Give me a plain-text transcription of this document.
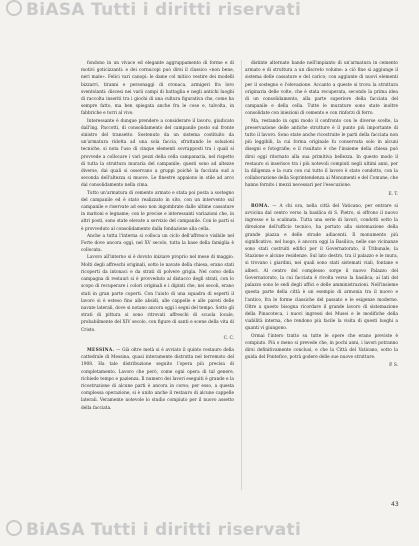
BiASA Tutti i diritti riservati

fondono in un vivace ed elegante aggruppamento di forme e di motivi goticizzanti: e dei cornucopi può dirsi il classico «non bene, neri male». Felici vari canopi: le dame col mitico vestire dei modelli bizzarri, tiranni e personaggi di cronaca, armigeri fra loro sventolanti: discesi nei varii campi di battaglia e negli antichi luoghi di raccolta inseriti tra i giochi di una cultura figurativa che, come ha sempre fatto, ma ben spiegata anche fra le cose e, talvolta, in fabbriche e torri al vivo.

Interessante è dunque prendere a considerare il lavoro, giudicato dall'ing. Paccotti, di consolidamento del campanile posto sul fronte sinistro del transetto. Sostenuto da un sistema costituito da un'armatura ridotta ad una sola faccia, sfruttando le soluzioni tecniche, si nota l'uso di cinque elementi sovrapposti tra i quali si provvede a collocare i vari pezzi della cella campanaria, nel rispetto di tutta la struttura muraria del campanile; questi sono ad altezze diverse, dai quali si osservano a gruppi poiché la facciata sud a seconda dell'altezza si muove. Le finestre appaiono in stile ad arco dal consolidamento nella cima.

Tutto un'armatura di cemento armato e stata poi posta a sostegno del campanile ed è stato realizzato in sito, con un intervento sul campanile e riservate ad esso non ingombrate dalle ultime cassature in mattoni e legname; con le precise e interessanti variazioni che, in altri posti, sono state elevate a servizio del campanile. Con le parti si è provveduto al consolidamento dalla fondazione alla cella.

Anche a tutta l'interna si colloca un ciclo dell'affresco visibile nel Forte dove ancora oggi, nel XV secolo, tutta la base della famiglia è collocata.

Lavoro all'interno si è dovuto iniziare proprio nel mese di maggio. Molti degli affreschi originali, sotto le navate della chiesa, erano stati ricoperti da intonaci e da strati di polvere grigia. Nel corso della campagna di restauri si è provveduto al distacco degli strati, con lo scopo di recuperare i colori originali e i dipinti che, nei secoli, erano stati in gran parte coperti. Con l'aiuto di una squadra di esperti il lavoro si è esteso fino alle absidi, alle cappelle e alle pareti delle navate laterali, dove si notano ancora oggi i segni del tempo. Sotto gli strati di pittura si sono ritrovati affreschi di scuola locale, probabilmente del XIV secolo, con figure di santi e scene della vita di Cristo.

C. C.

MESSINA. — Già oltre metà si è avviato il quinto restauro della cattedrale di Messina, quasi interamente distrutta nel terremoto del 1908. Ha tale distribuzione seguito l'opera più precisa di completamento. Lavoro che però, come ogni opera di tal genere, richiede tempo e pazienza. Il numero dei lavori eseguiti è grande e la ricostruzione di alcune parti è ancora in corso; per esso, a questa complessa operazione, si è unito anche il restauro di alcune cappelle laterali. Veramente notevole lo studio compiuto per il nuovo assetto della facciata.

distinte alternate bande nell'impianto di un'armatura in cemento armato e di struttura a un discreto volume: a ciò fine si aggiunge il sistema delle cassature e del carico; con aggiunte di nuovi elementi per il sostegno e l'elevazione. Accanto a queste si trova la struttura originaria delle volte, che è stata recuperata, secondo la prima idea di un consolidamento, alla parte superiore della facciata del campanile e della cella. Tutte le murature sono state inoltre consolidate con iniezioni di cemento e con rinforzi di ferro.

Ma, restando in ogni modo il confronto con le diverse scelte, la preservazione delle antiche strutture è il punto più importante di tutto il lavoro. Sono state anche ricostruite le parti della facciata non più leggibili, la cui forma originale fu conservata solo in alcuni disegni e fotografie; e il risultato è che l'insieme della chiesa può dirsi oggi ritornato alla sua primitiva bellezza. In questo modo il restauro si inserisce tra i più notevoli compiuti negli ultimi anni, per la diligenza e la cura con cui tutto il lavoro è stato condotto, con la collaborazione della Soprintendenza ai Monumenti e del Comune, che hanno fornito i mezzi necessari per l'esecuzione.

E. T.

ROMA. — A chi ora, nella città del Vaticano, per entrare si avvicina dal centro verso la basilica di S. Pietro, si offrono il nuovo ingresso e la scalinata. Tutta una serie di lavori, condotti sotto la direzione dell'ufficio tecnico, ha portato alla sistemazione della grande piazza e delle strade adiacenti. Il monumento più significativo, nel luogo, è ancora oggi la Basilica; nelle sue vicinanze sono stati costruiti edifici per il Governatorato, il Tribunale, la Stazione e alcune residenze. Sul lato destro, tra il palazzo e le mura, si trovano i giardini, nei quali sono stati sistemati viali, fontane e alberi. Al centro del complesso sorge il nuovo Palazzo del Governatorato, la cui facciata è rivolta verso la basilica; ai lati del palazzo sono le sedi degli uffici e delle amministrazioni. Nell'insieme questa parte della città è un esempio di armonia tra il nuovo e l'antico, fra le forme classiche del passato e le esigenze moderne. Oltre a questo bisogna ricordare il grande lavoro di sistemazione della Pinacoteca, i nuovi ingressi dei Musei e le modifiche della viabilità interna, che rendono più facile la visita di questi luoghi a quanti vi giungono.

Ormai l'intero tratto su tutte le opere che erano previste è compiuto. Più o meno si prevede che, in pochi anni, i lavori potranno dirsi definitivamente conclusi, e che la Città del Vaticano, sotto la guida del Pontefice, potrà godere delle sue nuove strutture.

P. S.
43
BiASA Tutti i diritti riservati
